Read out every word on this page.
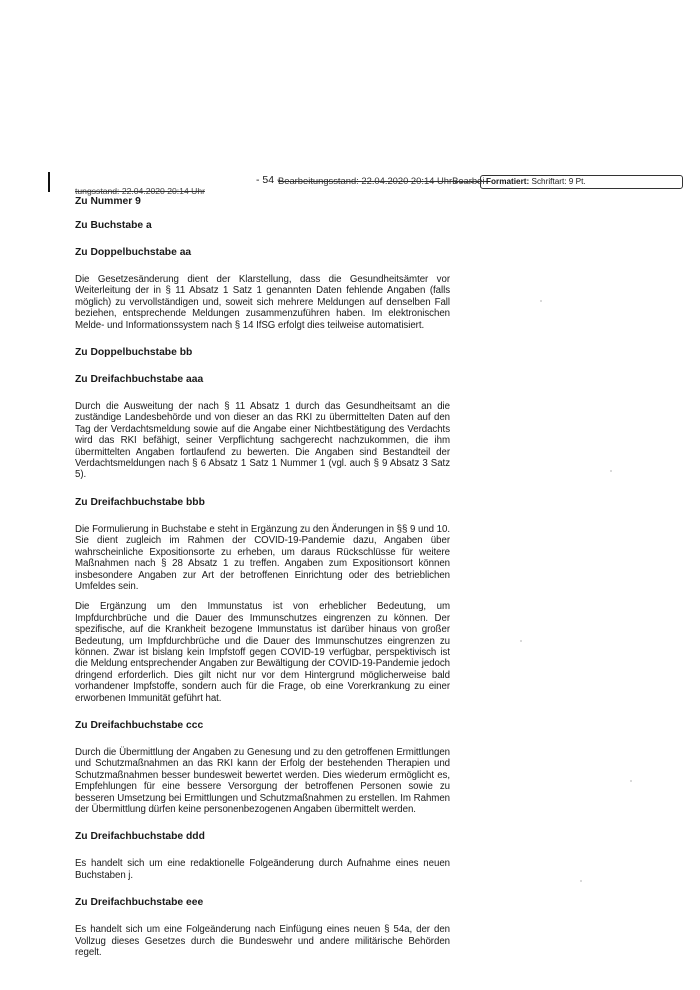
- 54 -
Bearbeitungsstand: 22.04.2020 20:14 UhrBearbei-
Formatiert: Schriftart: 9 Pt.
tungsstand: 22.04.2020 20:14 Uhr

Zu Nummer 9

Zu Buchstabe a

Zu Doppelbuchstabe aa

Die Gesetzesänderung dient der Klarstellung, dass die Gesundheitsämter vor Weiterleitung der in § 11 Absatz 1 Satz 1 genannten Daten fehlende Angaben (falls möglich) zu vervollständigen und, soweit sich mehrere Meldungen auf denselben Fall beziehen, entsprechende Meldungen zusammenzuführen haben. Im elektronischen Melde- und Informationssystem nach § 14 IfSG erfolgt dies teilweise automatisiert.

Zu Doppelbuchstabe bb

Zu Dreifachbuchstabe aaa

Durch die Ausweitung der nach § 11 Absatz 1 durch das Gesundheitsamt an die zuständige Landesbehörde und von dieser an das RKI zu übermittelten Daten auf den Tag der Verdachtsmeldung sowie auf die Angabe einer Nichtbestätigung des Verdachts wird das RKI befähigt, seiner Verpflichtung sachgerecht nachzukommen, die ihm übermittelten Angaben fortlaufend zu bewerten. Die Angaben sind Bestandteil der Verdachtsmeldungen nach § 6 Absatz 1 Satz 1 Nummer 1 (vgl. auch § 9 Absatz 3 Satz 5).

Zu Dreifachbuchstabe bbb

Die Formulierung in Buchstabe e steht in Ergänzung zu den Änderungen in §§ 9 und 10. Sie dient zugleich im Rahmen der COVID-19-Pandemie dazu, Angaben über wahrscheinliche Expositionsorte zu erheben, um daraus Rückschlüsse für weitere Maßnahmen nach § 28 Absatz 1 zu treffen. Angaben zum Expositionsort können insbesondere Angaben zur Art der betroffenen Einrichtung oder des betrieblichen Umfeldes sein.

Die Ergänzung um den Immunstatus ist von erheblicher Bedeutung, um Impfdurchbrüche und die Dauer des Immunschutzes eingrenzen zu können. Der spezifische, auf die Krankheit bezogene Immunstatus ist darüber hinaus von großer Bedeutung, um Impfdurchbrüche und die Dauer des Immunschutzes eingrenzen zu können. Zwar ist bislang kein Impfstoff gegen COVID-19 verfügbar, perspektivisch ist die Meldung entsprechender Angaben zur Bewältigung der COVID-19-Pandemie jedoch dringend erforderlich. Dies gilt nicht nur vor dem Hintergrund möglicherweise bald vorhandener Impfstoffe, sondern auch für die Frage, ob eine Vorerkrankung zu einer erworbenen Immunität geführt hat.

Zu Dreifachbuchstabe ccc

Durch die Übermittlung der Angaben zu Genesung und zu den getroffenen Ermittlungen und Schutzmaßnahmen an das RKI kann der Erfolg der bestehenden Therapien und Schutzmaßnahmen besser bundesweit bewertet werden. Dies wiederum ermöglicht es, Empfehlungen für eine bessere Versorgung der betroffenen Personen sowie zu besseren Umsetzung bei Ermittlungen und Schutzmaßnahmen zu erstellen. Im Rahmen der Übermittlung dürfen keine personenbezogenen Angaben übermittelt werden.

Zu Dreifachbuchstabe ddd

Es handelt sich um eine redaktionelle Folgeänderung durch Aufnahme eines neuen Buchstaben j.

Zu Dreifachbuchstabe eee

Es handelt sich um eine Folgeänderung nach Einfügung eines neuen § 54a, der den Vollzug dieses Gesetzes durch die Bundeswehr und andere militärische Behörden regelt.
